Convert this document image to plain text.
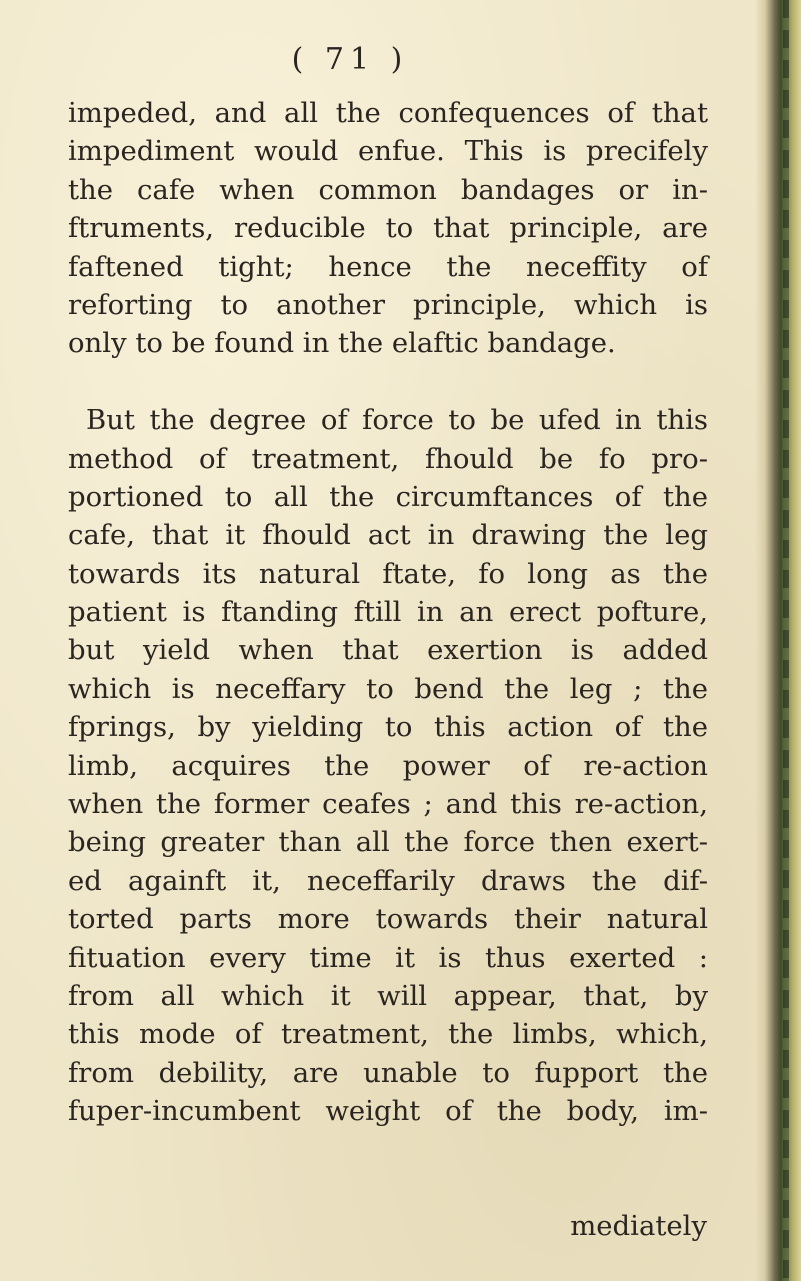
( 71 )
impeded, and all the confequences of that
impediment would enfue. This is precifely
the cafe when common bandages or in-
ftruments, reducible to that principle, are
faftened tight; hence the neceffity of
reforting to another principle, which is
only to be found in the elaftic bandage.
But the degree of force to be ufed in this
method of treatment, fhould be fo pro-
portioned to all the circumftances of the
cafe, that it fhould act in drawing the leg
towards its natural ftate, fo long as the
patient is ftanding ftill in an erect pofture,
but yield when that exertion is added
which is neceffary to bend the leg ; the
fprings, by yielding to this action of the
limb, acquires the power of re-action
when the former ceafes ; and this re-action,
being greater than all the force then exert-
ed againft it, neceffarily draws the dif-
torted parts more towards their natural
fituation every time it is thus exerted :
from all which it will appear, that, by
this mode of treatment, the limbs, which,
from debility, are unable to fupport the
fuper-incumbent weight of the body, im-
mediately
